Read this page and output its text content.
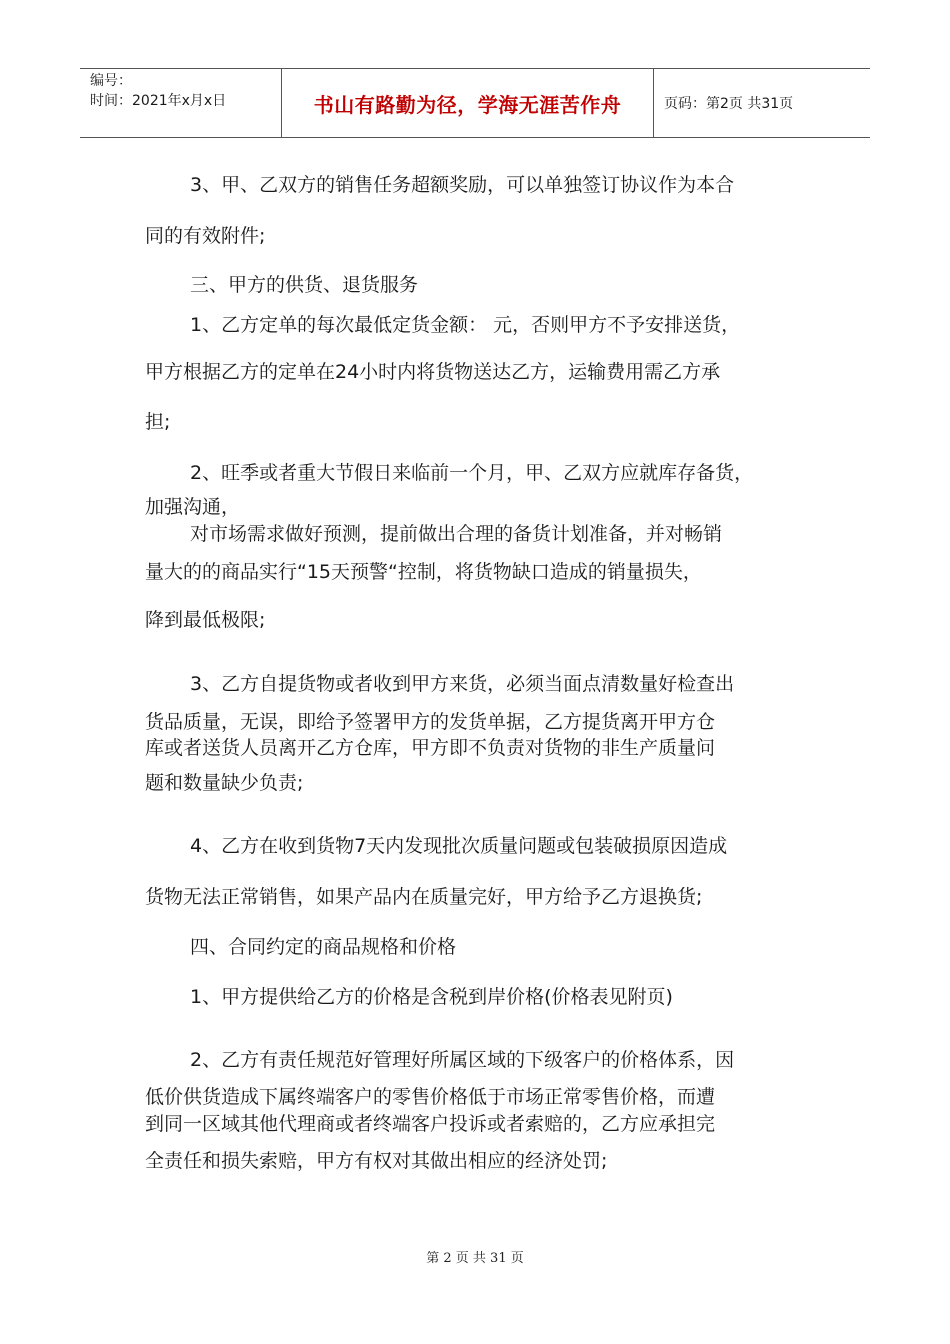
编号：
时间：2021年x月x日	书山有路勤为径，学海无涯苦作舟	页码：第2页 共31页
3、甲、乙双方的销售任务超额奖励，可以单独签订协议作为本合
同的有效附件;
三、甲方的供货、退货服务
1、乙方定单的每次最低定货金额： 元，否则甲方不予安排送货，
甲方根据乙方的定单在24小时内将货物送达乙方，运输费用需乙方承
担;
2、旺季或者重大节假日来临前一个月，甲、乙双方应就库存备货，
加强沟通，
对市场需求做好预测，提前做出合理的备货计划准备，并对畅销
量大的的商品实行“15天预警“控制，将货物缺口造成的销量损失，
降到最低极限;
3、乙方自提货物或者收到甲方来货，必须当面点清数量好检查出
货品质量，无误，即给予签署甲方的发货单据，乙方提货离开甲方仓
库或者送货人员离开乙方仓库，甲方即不负责对货物的非生产质量问
题和数量缺少负责;
4、乙方在收到货物7天内发现批次质量问题或包装破损原因造成
货物无法正常销售，如果产品内在质量完好，甲方给予乙方退换货;
四、合同约定的商品规格和价格
1、甲方提供给乙方的价格是含税到岸价格(价格表见附页)
2、乙方有责任规范好管理好所属区域的下级客户的价格体系，因
低价供货造成下属终端客户的零售价格低于市场正常零售价格，而遭
到同一区域其他代理商或者终端客户投诉或者索赔的，乙方应承担完
全责任和损失索赔，甲方有权对其做出相应的经济处罚;
第 2 页 共 31 页
